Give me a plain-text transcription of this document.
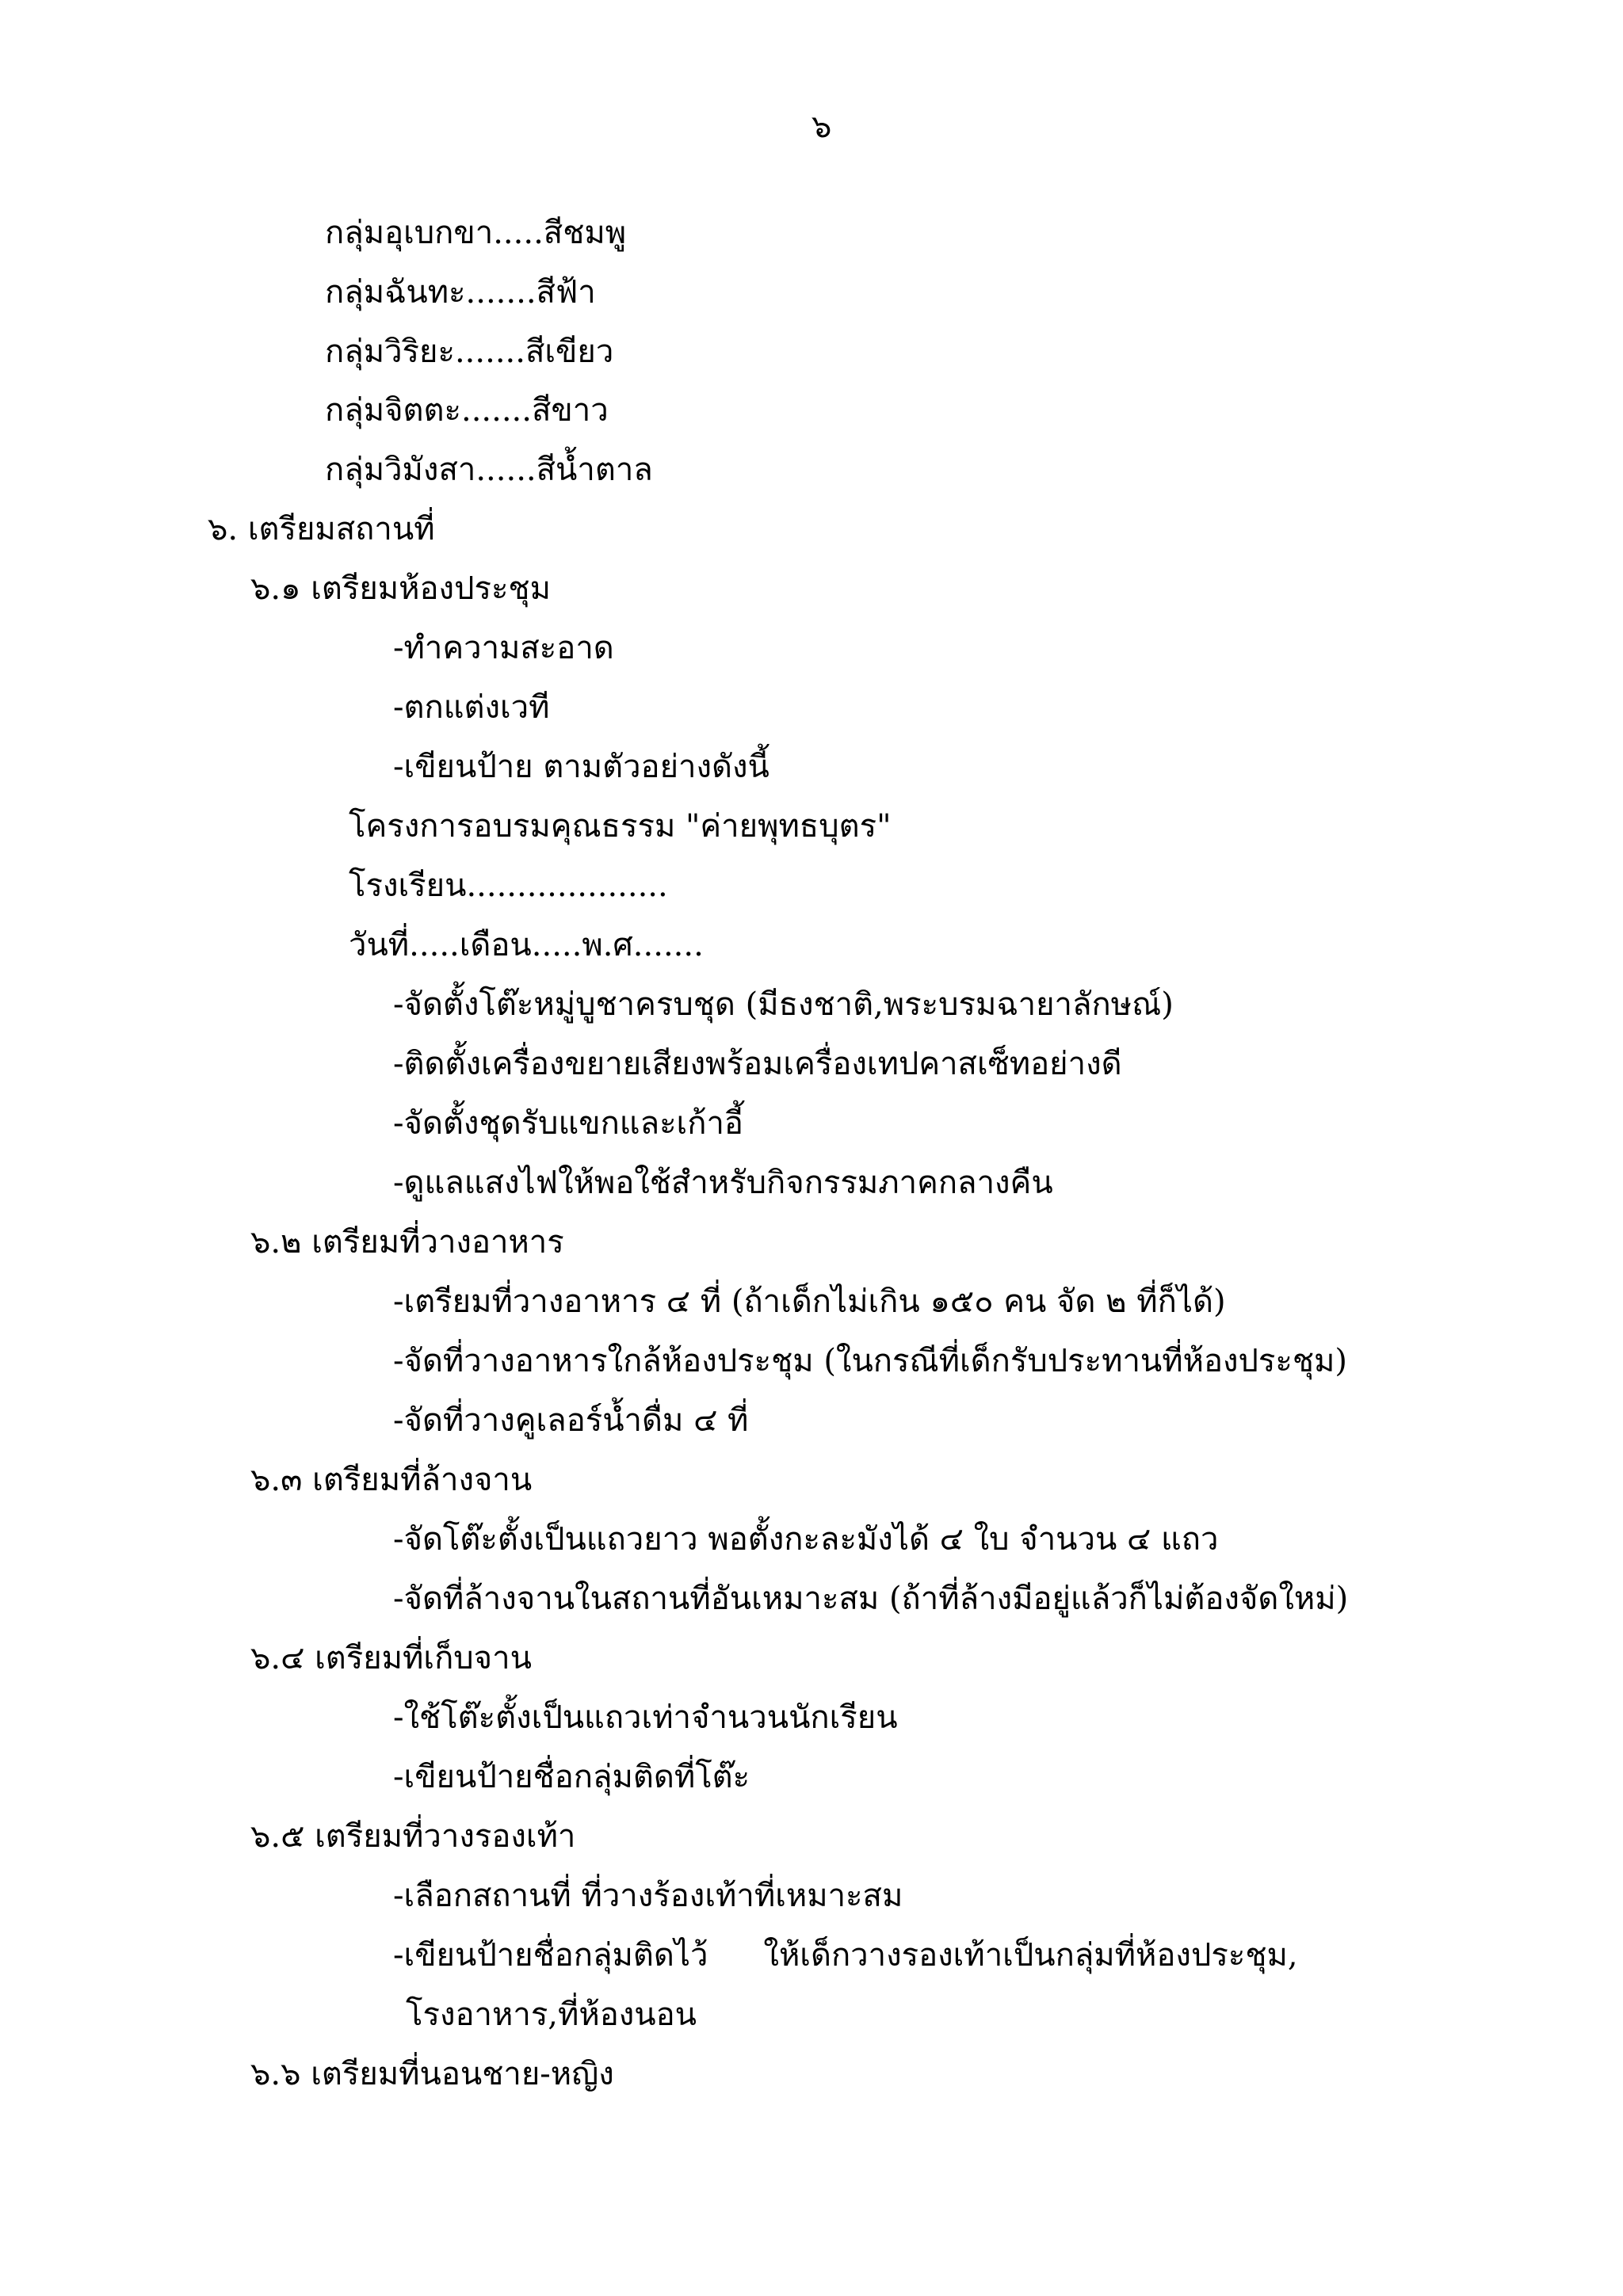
๖
กลุ่มอุเบกขา.....สีชมพู
กลุ่มฉันทะ.......สีฟ้า
กลุ่มวิริยะ.......สีเขียว
กลุ่มจิตตะ.......สีขาว
กลุ่มวิมังสา......สีน้ำตาล
๖. เตรียมสถานที่
๖.๑ เตรียมห้องประชุม
-ทำความสะอาด
-ตกแต่งเวที
-เขียนป้าย ตามตัวอย่างดังนี้
โครงการอบรมคุณธรรม "ค่ายพุทธบุตร"
โรงเรียน....................
วันที่.....เดือน.....พ.ศ.......
-จัดตั้งโต๊ะหมู่บูชาครบชุด (มีธงชาติ,พระบรมฉายาลักษณ์)
-ติดตั้งเครื่องขยายเสียงพร้อมเครื่องเทปคาสเซ็ทอย่างดี
-จัดตั้งชุดรับแขกและเก้าอี้
-ดูแลแสงไฟให้พอใช้สำหรับกิจกรรมภาคกลางคืน
๖.๒ เตรียมที่วางอาหาร
-เตรียมที่วางอาหาร ๔ ที่ (ถ้าเด็กไม่เกิน ๑๕๐ คน จัด ๒ ที่ก็ได้)
-จัดที่วางอาหารใกล้ห้องประชุม (ในกรณีที่เด็กรับประทานที่ห้องประชุม)
-จัดที่วางคูเลอร์น้ำดื่ม ๔ ที่
๖.๓ เตรียมที่ล้างจาน
-จัดโต๊ะตั้งเป็นแถวยาว พอตั้งกะละมังได้ ๔ ใบ จำนวน ๔ แถว
-จัดที่ล้างจานในสถานที่อันเหมาะสม (ถ้าที่ล้างมีอยู่แล้วก็ไม่ต้องจัดใหม่)
๖.๔ เตรียมที่เก็บจาน
-ใช้โต๊ะตั้งเป็นแถวเท่าจำนวนนักเรียน
-เขียนป้ายชื่อกลุ่มติดที่โต๊ะ
๖.๕ เตรียมที่วางรองเท้า
-เลือกสถานที่ ที่วางร้องเท้าที่เหมาะสม
-เขียนป้ายชื่อกลุ่มติดไว้ ให้เด็กวางรองเท้าเป็นกลุ่มที่ห้องประชุม,
โรงอาหาร,ที่ห้องนอน
๖.๖ เตรียมที่นอนชาย-หญิง
